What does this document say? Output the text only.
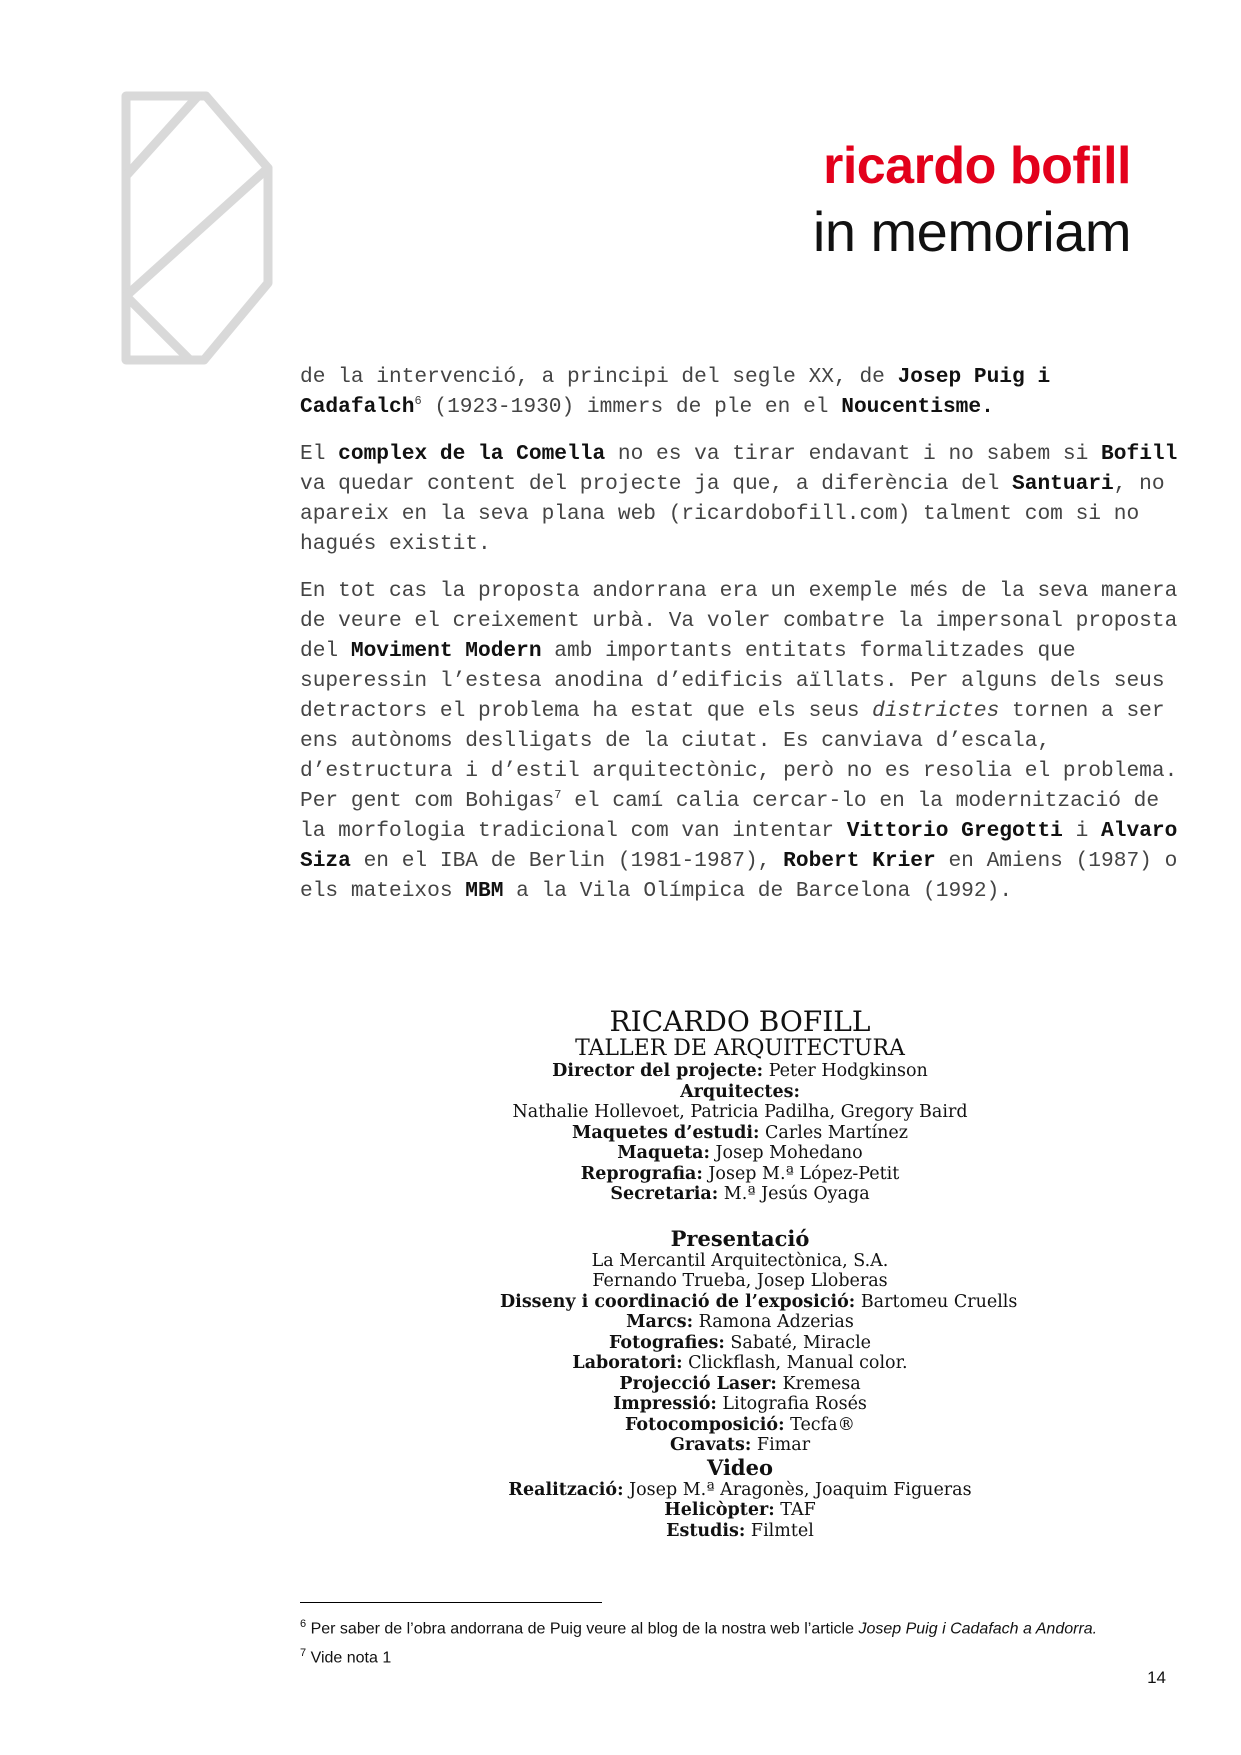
ricardo bofill
in memoriam

de la intervenció, a principi del segle XX, de Josep Puig i Cadafalch$^6$ (1923-1930) immers de ple en el Noucentisme.

El complex de la Comella no es va tirar endavant i no sabem si Bofill va quedar content del projecte ja que, a diferència del Santuari, no apareix en la seva plana web (ricardobofill.com) talment com si no hagués existit.

En tot cas la proposta andorrana era un exemple més de la seva manera de veure el creixement urbà. Va voler combatre la impersonal proposta del Moviment Modern amb importants entitats formalitzades que superessin l’estesa anodina d’edificis aïllats. Per alguns dels seus detractors el problema ha estat que els seus districtes tornen a ser ens autònoms deslligats de la ciutat. Es canviava d’escala, d’estructura i d’estil arquitectònic, però no es resolia el problema. Per gent com Bohigas$^7$ el camí calia cercar-lo en la modernització de la morfologia tradicional com van intentar Vittorio Gregotti i Alvaro Siza en el IBA de Berlin (1981-1987), Robert Krier en Amiens (1987) o els mateixos MBM a la Vila Olímpica de Barcelona (1992).

RICARDO BOFILL
TALLER DE ARQUITECTURA
Director del projecte: Peter Hodgkinson
Arquitectes:
Nathalie Hollevoet, Patricia Padilha, Gregory Baird
Maquetes d’estudi: Carles Martínez
Maqueta: Josep Mohedano
Reprografia: Josep M.ª López-Petit
Secretaria: M.ª Jesús Oyaga
Presentació
La Mercantil Arquitectònica, S.A.
Fernando Trueba, Josep Lloberas
Disseny i coordinació de l’exposició: Bartomeu Cruells
Marcs: Ramona Adzerias
Fotografies: Sabaté, Miracle
Laboratori: Clickflash, Manual color.
Projecció Laser: Kremesa
Impressió: Litografia Rosés
Fotocomposició: Tecfa®
Gravats: Fimar
Video
Realització: Josep M.ª Aragonès, Joaquim Figueras
Helicòpter: TAF
Estudis: Filmtel
$^6$ Per saber de l’obra andorrana de Puig veure al blog de la nostra web l’article Josep Puig i Cadafach a Andorra.
$^7$ Vide nota 1
14
